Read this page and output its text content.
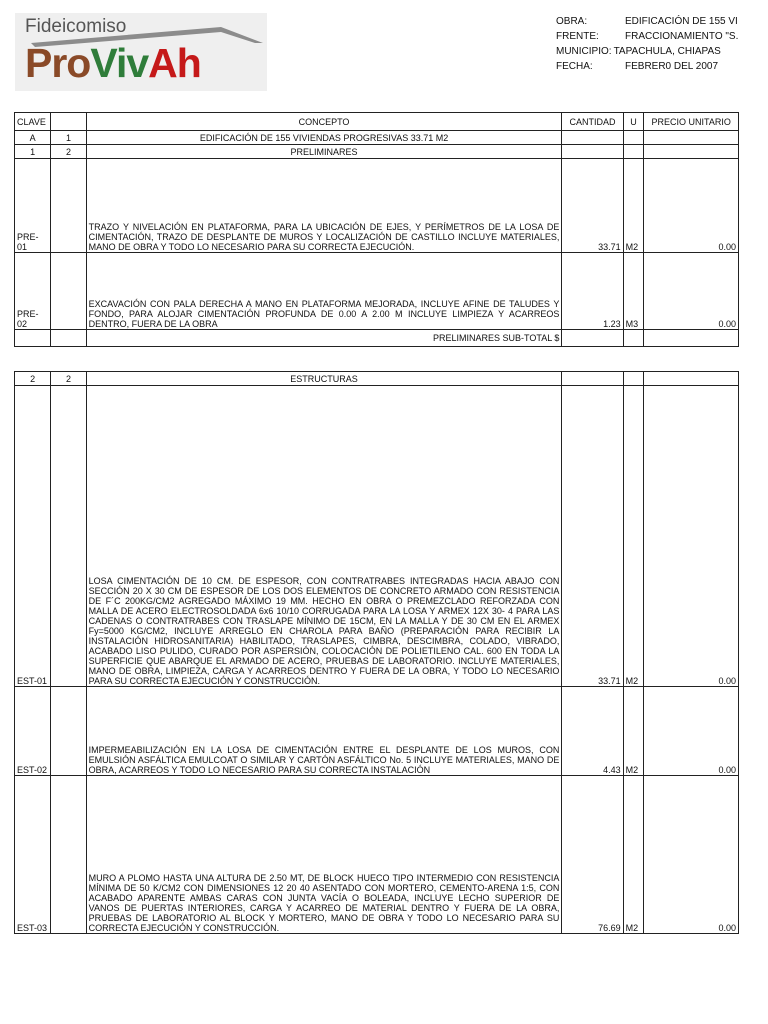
Fideicomiso
ProVivAh
OBRA:	EDIFICACIÓN DE 155 VI
FRENTE:	FRACCIONAMIENTO "S.
MUNICIPIO: TAPACHULA, CHIAPAS
FECHA:	FEBRER0 DEL 2007
CLAVE		CONCEPTO	CANTIDAD	U	PRECIO UNITARIO
A	1	EDIFICACIÓN DE 155 VIVIENDAS PROGRESIVAS 33.71 M2			
1	2	PRELIMINARES			
PRE-01		TRAZO Y NIVELACIÓN EN PLATAFORMA, PARA LA UBICACIÓN DE EJES, Y PERÍMETROS DE LA LOSA DE CIMENTACIÓN, TRAZO DE DESPLANTE DE MUROS Y LOCALIZACIÓN DE CASTILLO INCLUYE MATERIALES, MANO DE OBRA Y TODO LO NECESARIO PARA SU CORRECTA EJECUCIÓN.	33.71	M2	0.00
PRE-02		EXCAVACIÓN CON PALA DERECHA A MANO EN PLATAFORMA MEJORADA, INCLUYE AFINE DE TALUDES Y FONDO, PARA ALOJAR CIMENTACIÓN PROFUNDA DE 0.00 A 2.00 M INCLUYE LIMPIEZA Y ACARREOS DENTRO, FUERA DE LA OBRA	1.23	M3	0.00
		PRELIMINARES SUB-TOTAL $			
2	2	ESTRUCTURAS			
EST-01		LOSA CIMENTACIÓN DE 10 CM. DE ESPESOR, CON CONTRATRABES INTEGRADAS HACIA ABAJO CON SECCIÓN 20 X 30 CM DE ESPESOR DE LOS DOS ELEMENTOS DE CONCRETO ARMADO CON RESISTENCIA DE F´C 200KG/CM2 AGREGADO MÁXIMO 19 MM. HECHO EN OBRA O PREMEZCLADO REFORZADA CON MALLA DE ACERO ELECTROSOLDADA 6x6 10/10 CORRUGADA PARA LA LOSA Y ARMEX 12X 30- 4 PARA LAS CADENAS O CONTRATRABES CON TRASLAPE MÍNIMO DE 15CM, EN LA MALLA Y DE 30 CM EN EL ARMEX Fy=5000 KG/CM2, INCLUYE ARREGLO EN CHAROLA PARA BAÑO (PREPARACIÓN PARA RECIBIR LA INSTALACIÓN HIDROSANITARIA) HABILITADO, TRASLAPES, CIMBRA, DESCIMBRA, COLADO, VIBRADO, ACABADO LISO PULIDO, CURADO POR ASPERSIÓN, COLOCACIÓN DE POLIETILENO CAL. 600 EN TODA LA SUPERFICIE QUE ABARQUE EL ARMADO DE ACERO, PRUEBAS DE LABORATORIO. INCLUYE MATERIALES, MANO DE OBRA, LIMPIEZA, CARGA Y ACARREOS DENTRO Y FUERA DE LA OBRA, Y TODO LO NECESARIO PARA SU CORRECTA EJECUCIÓN Y CONSTRUCCIÓN.	33.71	M2	0.00
EST-02		IMPERMEABILIZACIÓN EN LA LOSA DE CIMENTACIÓN ENTRE EL DESPLANTE DE LOS MUROS, CON EMULSIÓN ASFÁLTICA EMULCOAT O SIMILAR Y CARTÓN ASFÁLTICO No. 5 INCLUYE MATERIALES, MANO DE OBRA, ACARREOS Y TODO LO NECESARIO PARA SU CORRECTA INSTALACIÓN	4.43	M2	0.00
EST-03		MURO A PLOMO HASTA UNA ALTURA DE 2.50 MT, DE BLOCK HUECO TIPO INTERMEDIO CON RESISTENCIA MÍNIMA DE 50 K/CM2 CON DIMENSIONES 12 20 40 ASENTADO CON MORTERO, CEMENTO-ARENA 1:5, CON ACABADO APARENTE AMBAS CARAS CON JUNTA VACÍA O BOLEADA, INCLUYE LECHO SUPERIOR DE VANOS DE PUERTAS INTERIORES, CARGA Y ACARREO DE MATERIAL DENTRO Y FUERA DE LA OBRA, PRUEBAS DE LABORATORIO AL BLOCK Y MORTERO, MANO DE OBRA Y TODO LO NECESARIO PARA SU CORRECTA EJECUCIÓN Y CONSTRUCCIÓN.	76.69	M2	0.00
